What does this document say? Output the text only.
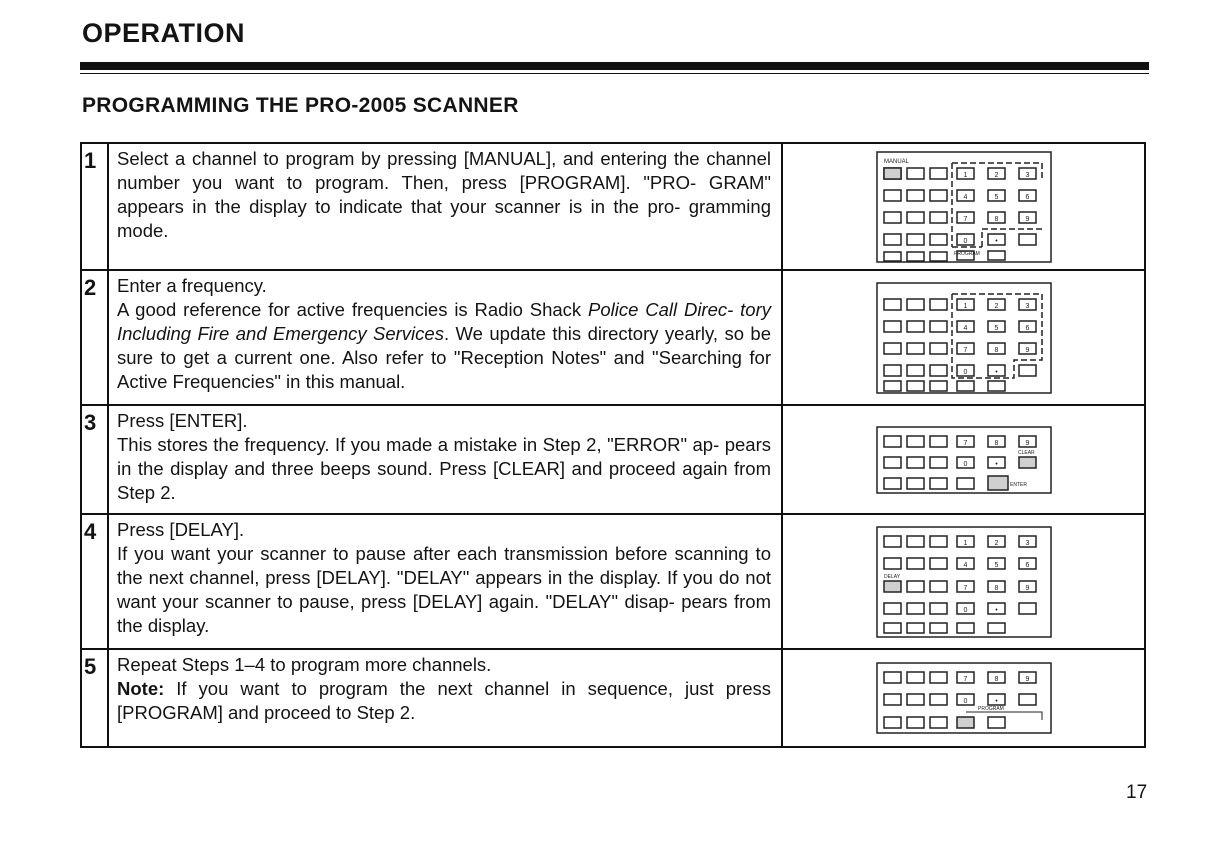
OPERATION
PROGRAMMING THE PRO-2005 SCANNER
1	Select a channel to program by pressing [MANUAL], and entering the channel number you want to program. Then, press [PROGRAM]. "PRO- GRAM" appears in the display to indicate that your scanner is in the pro- gramming mode.

MANUAL
PROGRAM
1	2	3
4	5	6
7	8	9
0	•
2	Enter a frequency.

A good reference for active frequencies is Radio Shack Police Call Direc- tory Including Fire and Emergency Services. We update this directory yearly, so be sure to get a current one. Also refer to "Reception Notes" and "Searching for Active Frequencies" in this manual.

1	2	3
4	5	6
7	8	9
0	•
3	Press [ENTER].

This stores the frequency. If you made a mistake in Step 2, "ERROR" ap- pears in the display and three beeps sound. Press [CLEAR] and proceed again from Step 2.

CLEAR
ENTER
7	8	9
0	•
4	Press [DELAY].

If you want your scanner to pause after each transmission before scanning to the next channel, press [DELAY]. "DELAY" appears in the display. If you do not want your scanner to pause, press [DELAY] again. "DELAY" disap- pears from the display.

DELAY
1	2	3
4	5	6
7	8	9
0	•
5	Repeat Steps 1–4 to program more channels.

Note: If you want to program the next channel in sequence, just press [PROGRAM] and proceed to Step 2.	PROGRAM
7	8	9
0	•
17
